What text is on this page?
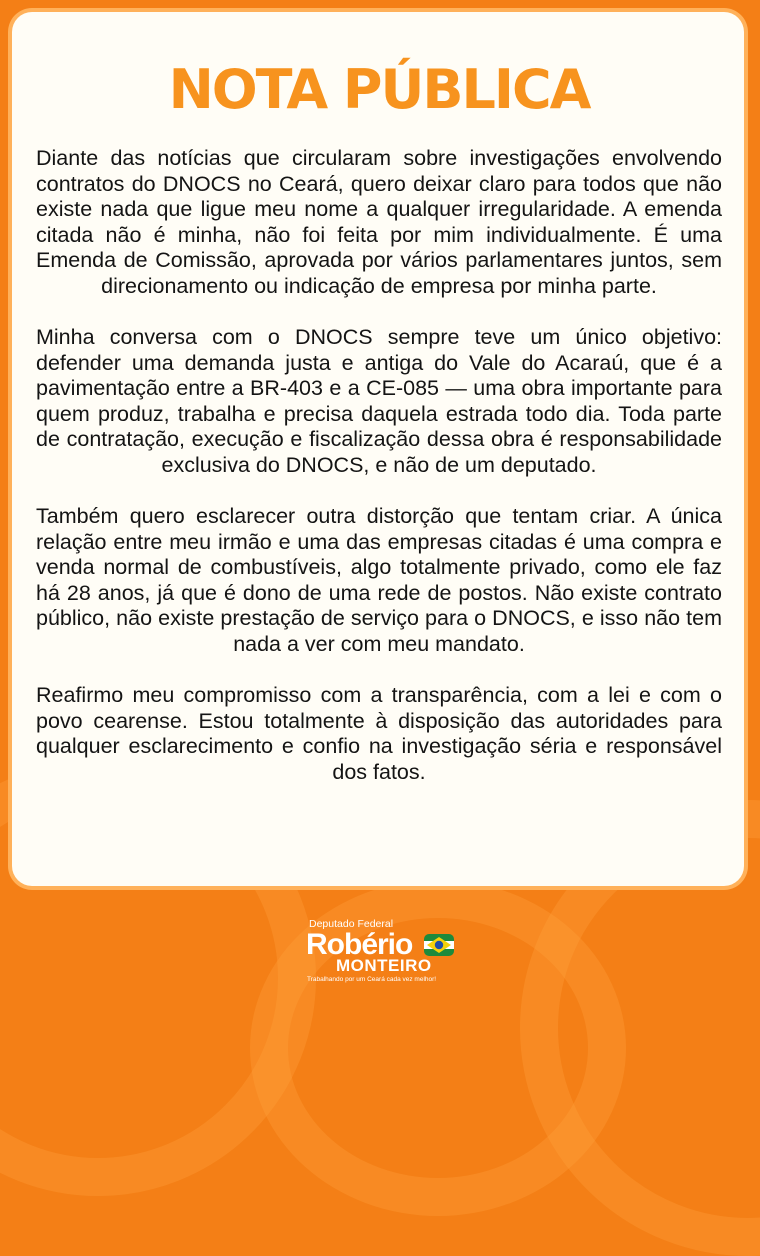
NOTA PÚBLICA

Diante das notícias que circularam sobre investigações envolvendo contratos do DNOCS no Ceará, quero deixar claro para todos que não existe nada que ligue meu nome a qualquer irregularidade. A emenda citada não é minha, não foi feita por mim individualmente. É uma Emenda de Comissão, aprovada por vários parlamentares juntos, sem direcionamento ou indicação de empresa por minha parte.

Minha conversa com o DNOCS sempre teve um único objetivo: defender uma demanda justa e antiga do Vale do Acaraú, que é a pavimentação entre a BR-403 e a CE-085 — uma obra importante para quem produz, trabalha e precisa daquela estrada todo dia. Toda parte de contratação, execução e fiscalização dessa obra é responsabilidade exclusiva do DNOCS, e não de um deputado.

Também quero esclarecer outra distorção que tentam criar. A única relação entre meu irmão e uma das empresas citadas é uma compra e venda normal de combustíveis, algo totalmente privado, como ele faz há 28 anos, já que é dono de uma rede de postos. Não existe contrato público, não existe prestação de serviço para o DNOCS, e isso não tem nada a ver com meu mandato.

Reafirmo meu compromisso com a transparência, com a lei e com o povo cearense. Estou totalmente à disposição das autoridades para qualquer esclarecimento e confio na investigação séria e responsável dos fatos.

Deputado Federal
Robério
MONTEIRO
Trabalhando por um Ceará cada vez melhor!
